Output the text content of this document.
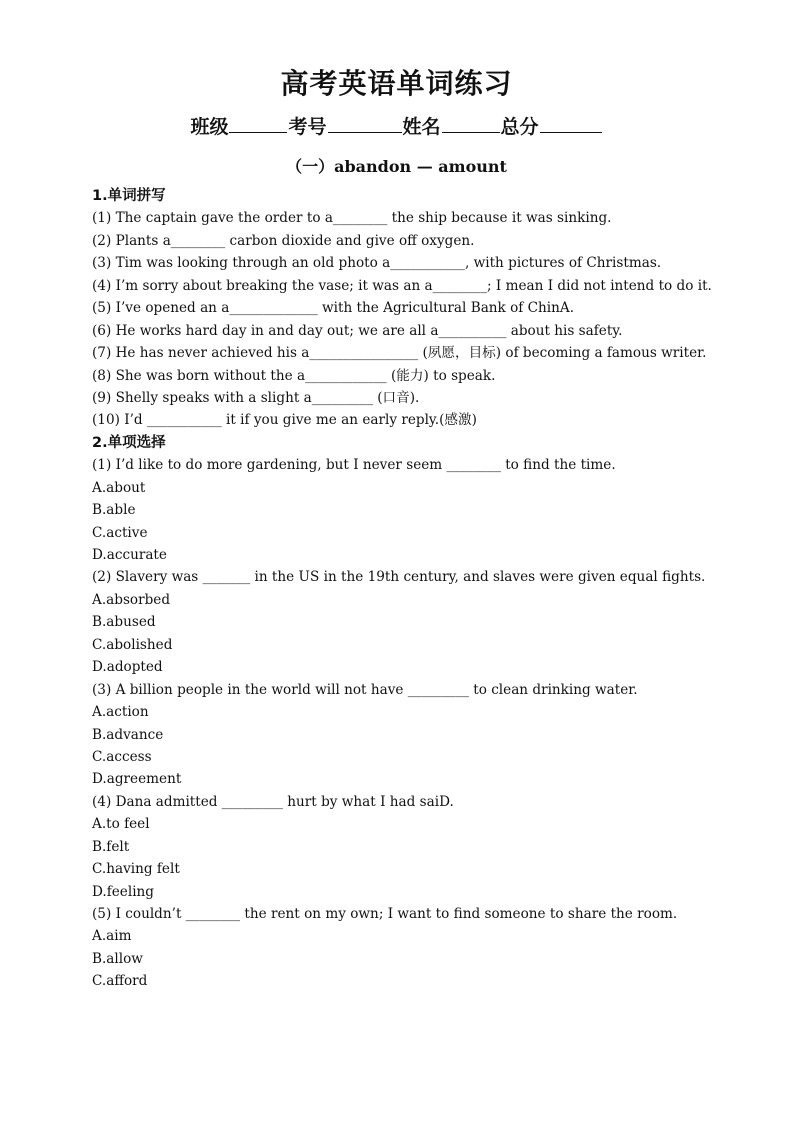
高考英语单词练习
班级	考号	姓名	总分
（一）abandon — amount
1.单词拼写
(1) The captain gave the order to a________ the ship because it was sinking.
(2) Plants a________ carbon dioxide and give off oxygen.
(3) Tim was looking through an old photo a___________, with pictures of Christmas.
(4) I’m sorry about breaking the vase; it was an a________; I mean I did not intend to do it.
(5) I’ve opened an a_____________ with the Agricultural Bank of ChinA.
(6) He works hard day in and day out; we are all a__________ about his safety.
(7) He has never achieved his a________________ (夙愿，目标) of becoming a famous writer.
(8) She was born without the a____________ (能力) to speak.
(9) Shelly speaks with a slight a_________ (口音).
(10) I’d ___________ it if you give me an early reply.(感激)
2.单项选择
(1) I’d like to do more gardening, but I never seem ________ to find the time.
A.about
B.able
C.active
D.accurate
(2) Slavery was _______ in the US in the 19th century, and slaves were given equal fights.
A.absorbed
B.abused
C.abolished
D.adopted
(3) A billion people in the world will not have _________ to clean drinking water.
A.action
B.advance
C.access
D.agreement
(4) Dana admitted _________ hurt by what I had saiD.
A.to feel
B.felt
C.having felt
D.feeling
(5) I couldn’t ________ the rent on my own; I want to find someone to share the room.
A.aim
B.allow
C.afford
